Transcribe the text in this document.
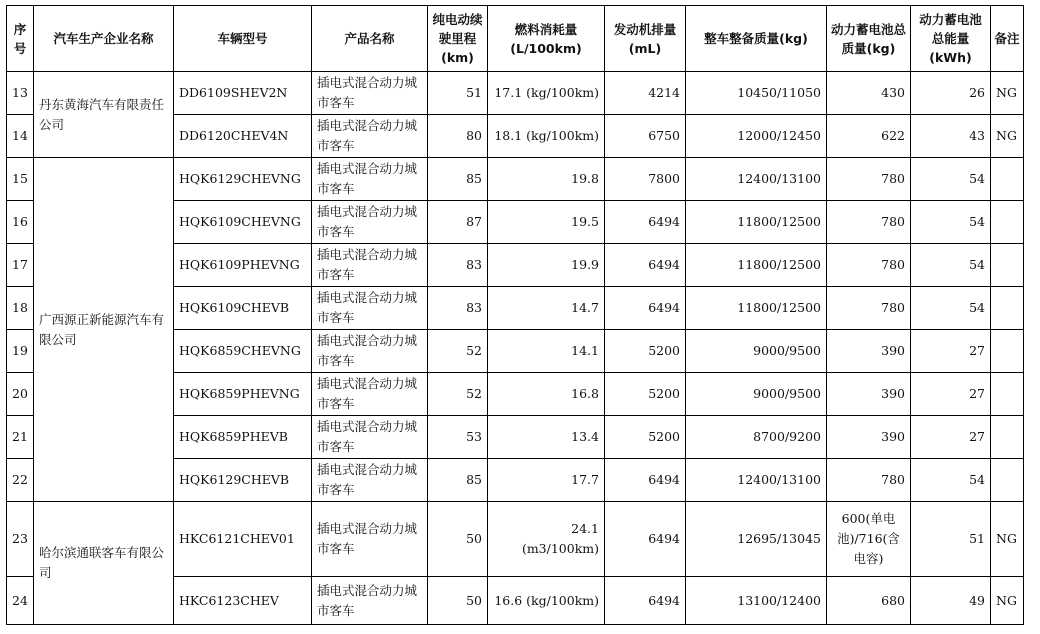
序号	汽车生产企业名称	车辆型号	产品名称	纯电动续驶里程(km)	燃料消耗量(L/100km)	发动机排量(mL)	整车整备质量(kg)	动力蓄电池总质量(kg)	动力蓄电池总能量(kWh)	备注
13	丹东黄海汽车有限责任公司	DD6109SHEV2N	插电式混合动力城市客车	51	17.1 (kg/100km)	4214	10450/11050	430	26	NG
14		DD6120CHEV4N	插电式混合动力城市客车	80	18.1 (kg/100km)	6750	12000/12450	622	43	NG
15	广西源正新能源汽车有限公司	HQK6129CHEVNG	插电式混合动力城市客车	85	19.8	7800	12400/13100	780	54	
16		HQK6109CHEVNG	插电式混合动力城市客车	87	19.5	6494	11800/12500	780	54	
17		HQK6109PHEVNG	插电式混合动力城市客车	83	19.9	6494	11800/12500	780	54	
18		HQK6109CHEVB	插电式混合动力城市客车	83	14.7	6494	11800/12500	780	54	
19		HQK6859CHEVNG	插电式混合动力城市客车	52	14.1	5200	9000/9500	390	27	
20		HQK6859PHEVNG	插电式混合动力城市客车	52	16.8	5200	9000/9500	390	27	
21		HQK6859PHEVB	插电式混合动力城市客车	53	13.4	5200	8700/9200	390	27	
22		HQK6129CHEVB	插电式混合动力城市客车	85	17.7	6494	12400/13100	780	54	
23	哈尔滨通联客车有限公司	HKC6121CHEV01	插电式混合动力城市客车	50	24.1 (m3/100km)	6494	12695/13045	600(单电池)/716(含电容)	51	NG
24		HKC6123CHEV	插电式混合动力城市客车	50	16.6 (kg/100km)	6494	13100/12400	680	49	NG
